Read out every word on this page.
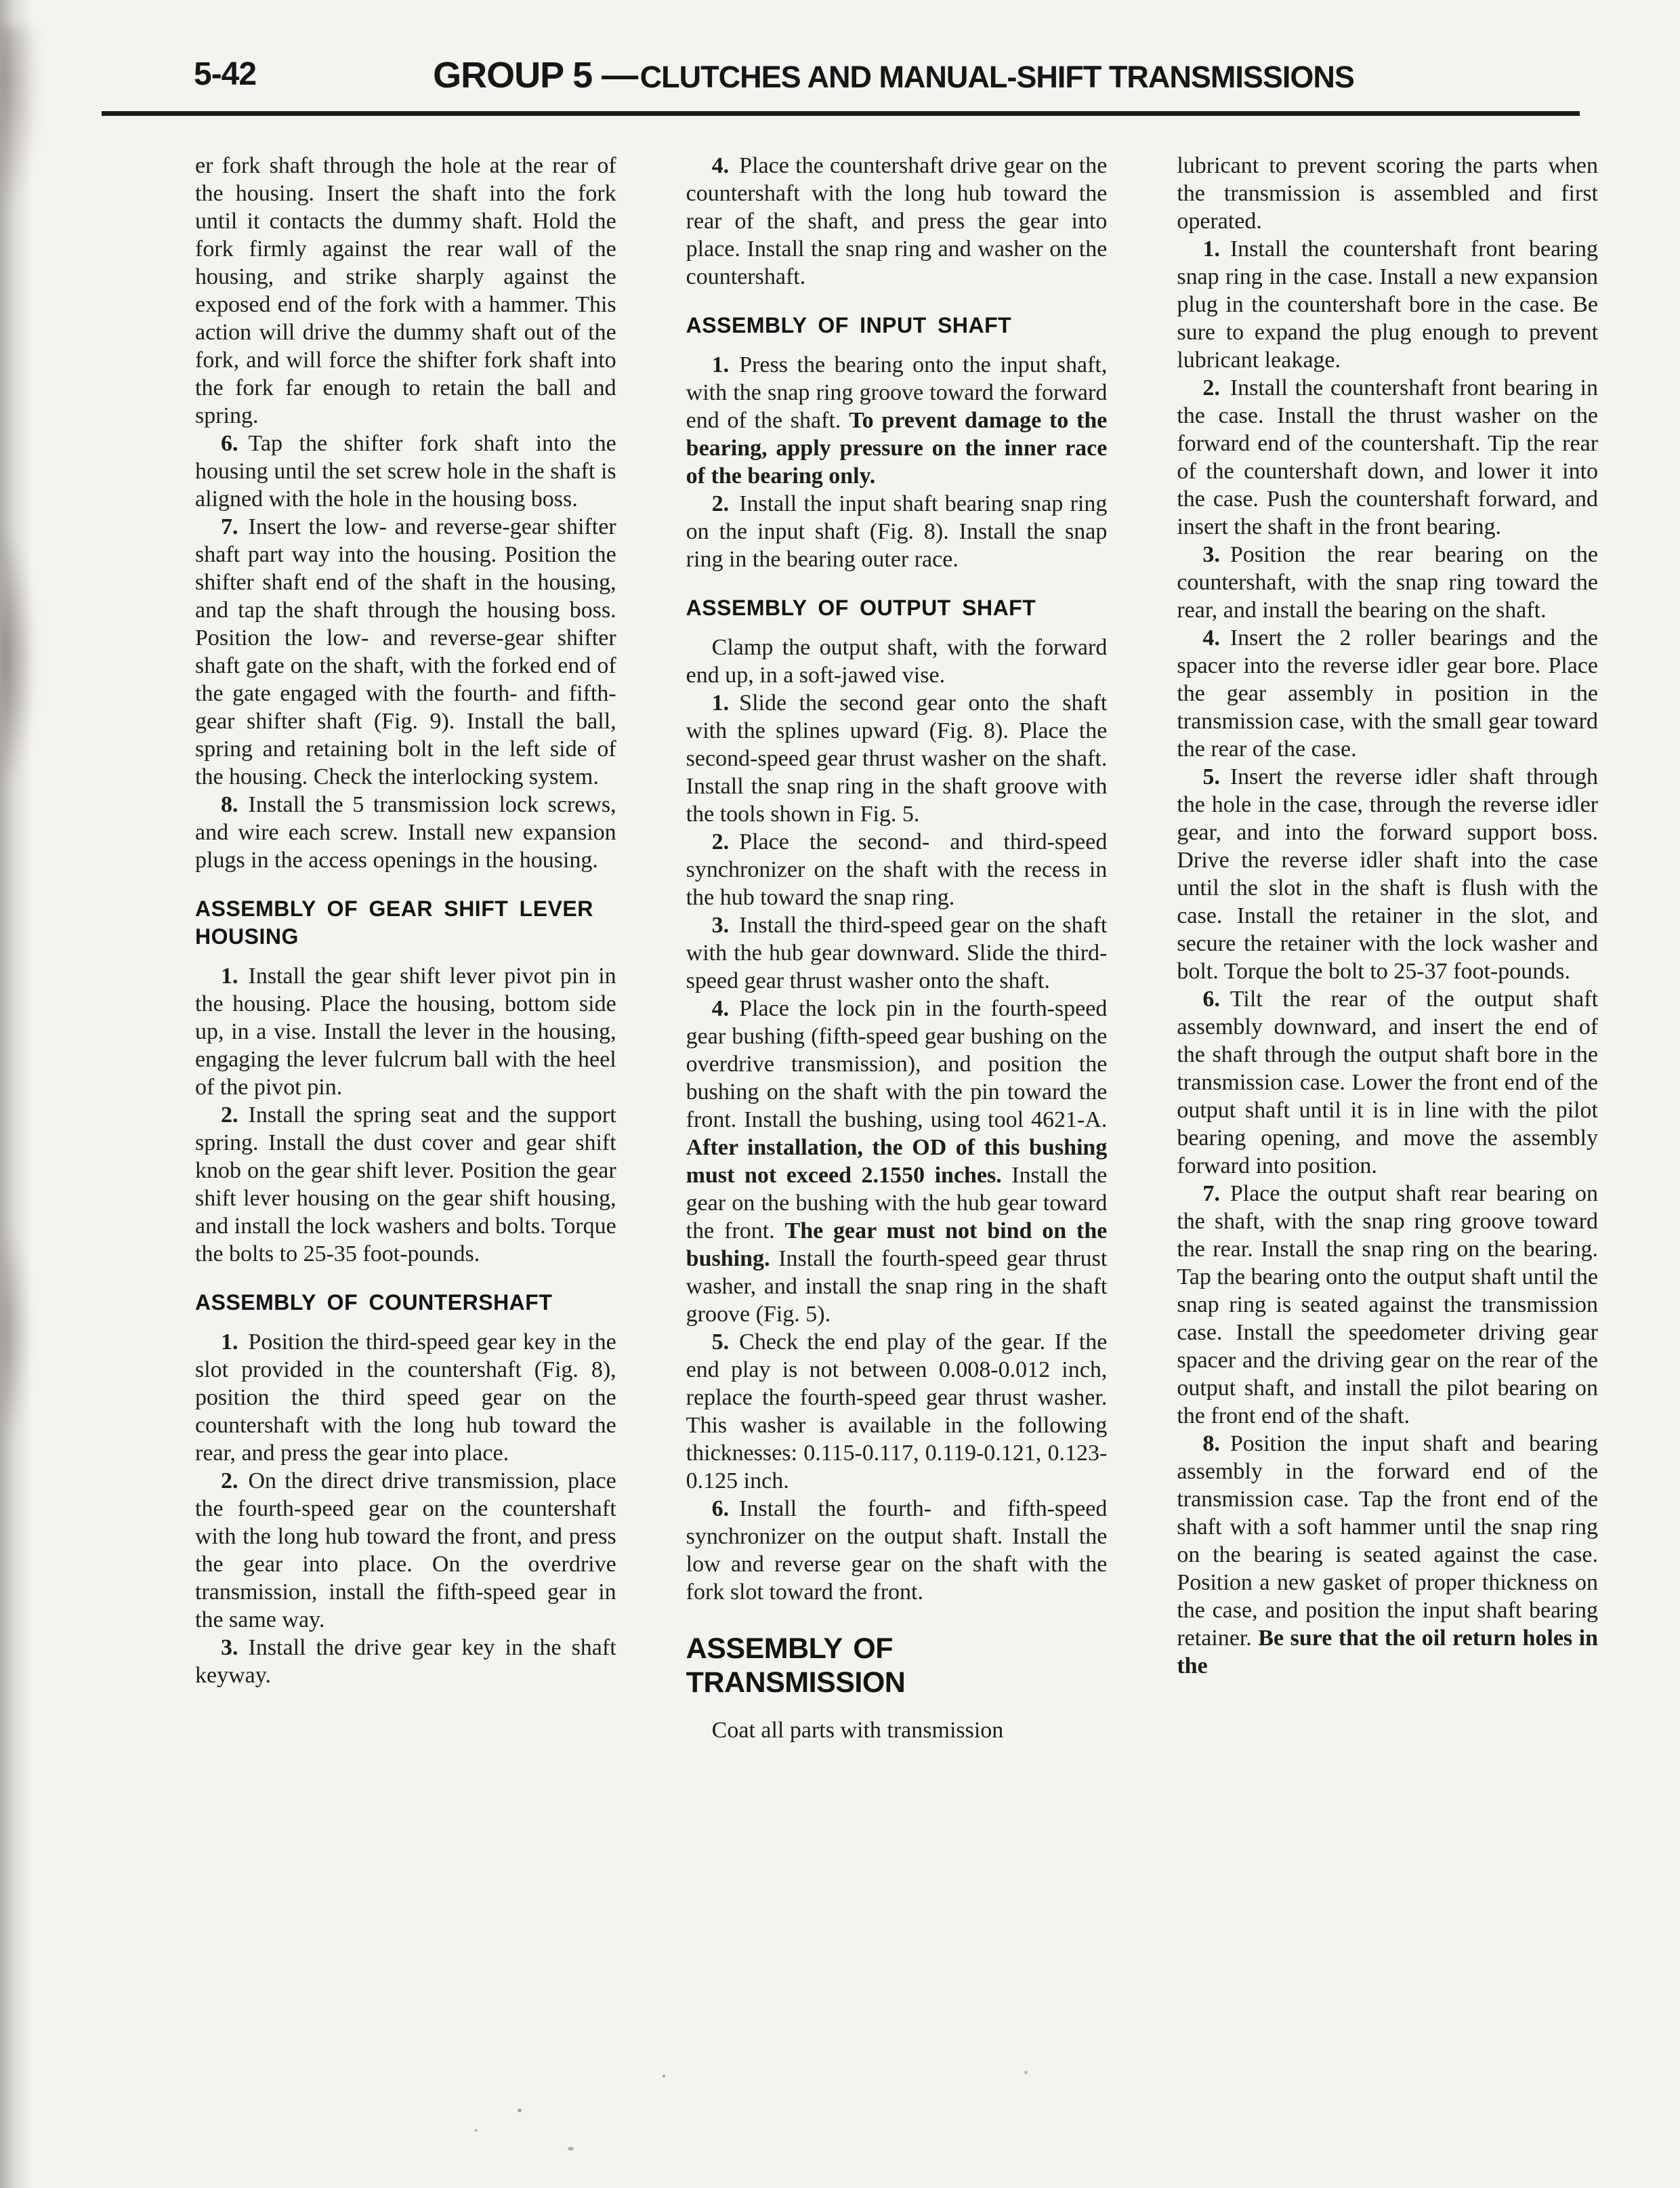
5-42	GROUP 5 — CLUTCHES AND MANUAL-SHIFT TRANSMISSIONS

er fork shaft through the hole at the rear of the housing. Insert the shaft into the fork until it contacts the dummy shaft. Hold the fork firmly against the rear wall of the housing, and strike sharply against the exposed end of the fork with a hammer. This action will drive the dummy shaft out of the fork, and will force the shifter fork shaft into the fork far enough to retain the ball and spring.

6. Tap the shifter fork shaft into the housing until the set screw hole in the shaft is aligned with the hole in the housing boss.

7. Insert the low- and reverse-gear shifter shaft part way into the housing. Position the shifter shaft end of the shaft in the housing, and tap the shaft through the housing boss. Position the low- and reverse-gear shifter shaft gate on the shaft, with the forked end of the gate engaged with the fourth- and fifth-gear shifter shaft (Fig. 9). Install the ball, spring and retaining bolt in the left side of the housing. Check the interlocking system.

8. Install the 5 transmission lock screws, and wire each screw. Install new expansion plugs in the access openings in the housing.

ASSEMBLY OF GEAR SHIFT LEVER HOUSING

1. Install the gear shift lever pivot pin in the housing. Place the housing, bottom side up, in a vise. Install the lever in the housing, engaging the lever fulcrum ball with the heel of the pivot pin.

2. Install the spring seat and the support spring. Install the dust cover and gear shift knob on the gear shift lever. Position the gear shift lever housing on the gear shift housing, and install the lock washers and bolts. Torque the bolts to 25-35 foot-pounds.

ASSEMBLY OF COUNTERSHAFT

1. Position the third-speed gear key in the slot provided in the countershaft (Fig. 8), position the third speed gear on the countershaft with the long hub toward the rear, and press the gear into place.

2. On the direct drive transmission, place the fourth-speed gear on the countershaft with the long hub toward the front, and press the gear into place. On the overdrive transmission, install the fifth-speed gear in the same way.

3. Install the drive gear key in the shaft keyway.

4. Place the countershaft drive gear on the countershaft with the long hub toward the rear of the shaft, and press the gear into place. Install the snap ring and washer on the countershaft.

ASSEMBLY OF INPUT SHAFT

1. Press the bearing onto the input shaft, with the snap ring groove toward the forward end of the shaft. To prevent damage to the bearing, apply pressure on the inner race of the bearing only.

2. Install the input shaft bearing snap ring on the input shaft (Fig. 8). Install the snap ring in the bearing outer race.

ASSEMBLY OF OUTPUT SHAFT

Clamp the output shaft, with the forward end up, in a soft-jawed vise.

1. Slide the second gear onto the shaft with the splines upward (Fig. 8). Place the second-speed gear thrust washer on the shaft. Install the snap ring in the shaft groove with the tools shown in Fig. 5.

2. Place the second- and third-speed synchronizer on the shaft with the recess in the hub toward the snap ring.

3. Install the third-speed gear on the shaft with the hub gear downward. Slide the third-speed gear thrust washer onto the shaft.

4. Place the lock pin in the fourth-speed gear bushing (fifth-speed gear bushing on the overdrive transmission), and position the bushing on the shaft with the pin toward the front. Install the bushing, using tool 4621-A. After installation, the OD of this bushing must not exceed 2.1550 inches. Install the gear on the bushing with the hub gear toward the front. The gear must not bind on the bushing. Install the fourth-speed gear thrust washer, and install the snap ring in the shaft groove (Fig. 5).

5. Check the end play of the gear. If the end play is not between 0.008-0.012 inch, replace the fourth-speed gear thrust washer. This washer is available in the following thicknesses: 0.115-0.117, 0.119-0.121, 0.123-0.125 inch.

6. Install the fourth- and fifth-speed synchronizer on the output shaft. Install the low and reverse gear on the shaft with the fork slot toward the front.

ASSEMBLY OF TRANSMISSION

Coat all parts with transmission

lubricant to prevent scoring the parts when the transmission is assembled and first operated.

1. Install the countershaft front bearing snap ring in the case. Install a new expansion plug in the countershaft bore in the case. Be sure to expand the plug enough to prevent lubricant leakage.

2. Install the countershaft front bearing in the case. Install the thrust washer on the forward end of the countershaft. Tip the rear of the countershaft down, and lower it into the case. Push the countershaft forward, and insert the shaft in the front bearing.

3. Position the rear bearing on the countershaft, with the snap ring toward the rear, and install the bearing on the shaft.

4. Insert the 2 roller bearings and the spacer into the reverse idler gear bore. Place the gear assembly in position in the transmission case, with the small gear toward the rear of the case.

5. Insert the reverse idler shaft through the hole in the case, through the reverse idler gear, and into the forward support boss. Drive the reverse idler shaft into the case until the slot in the shaft is flush with the case. Install the retainer in the slot, and secure the retainer with the lock washer and bolt. Torque the bolt to 25-37 foot-pounds.

6. Tilt the rear of the output shaft assembly downward, and insert the end of the shaft through the output shaft bore in the transmission case. Lower the front end of the output shaft until it is in line with the pilot bearing opening, and move the assembly forward into position.

7. Place the output shaft rear bearing on the shaft, with the snap ring groove toward the rear. Install the snap ring on the bearing. Tap the bearing onto the output shaft until the snap ring is seated against the transmission case. Install the speedometer driving gear spacer and the driving gear on the rear of the output shaft, and install the pilot bearing on the front end of the shaft.

8. Position the input shaft and bearing assembly in the forward end of the transmission case. Tap the front end of the shaft with a soft hammer until the snap ring on the bearing is seated against the case. Position a new gasket of proper thickness on the case, and position the input shaft bearing retainer. Be sure that the oil return holes in the
